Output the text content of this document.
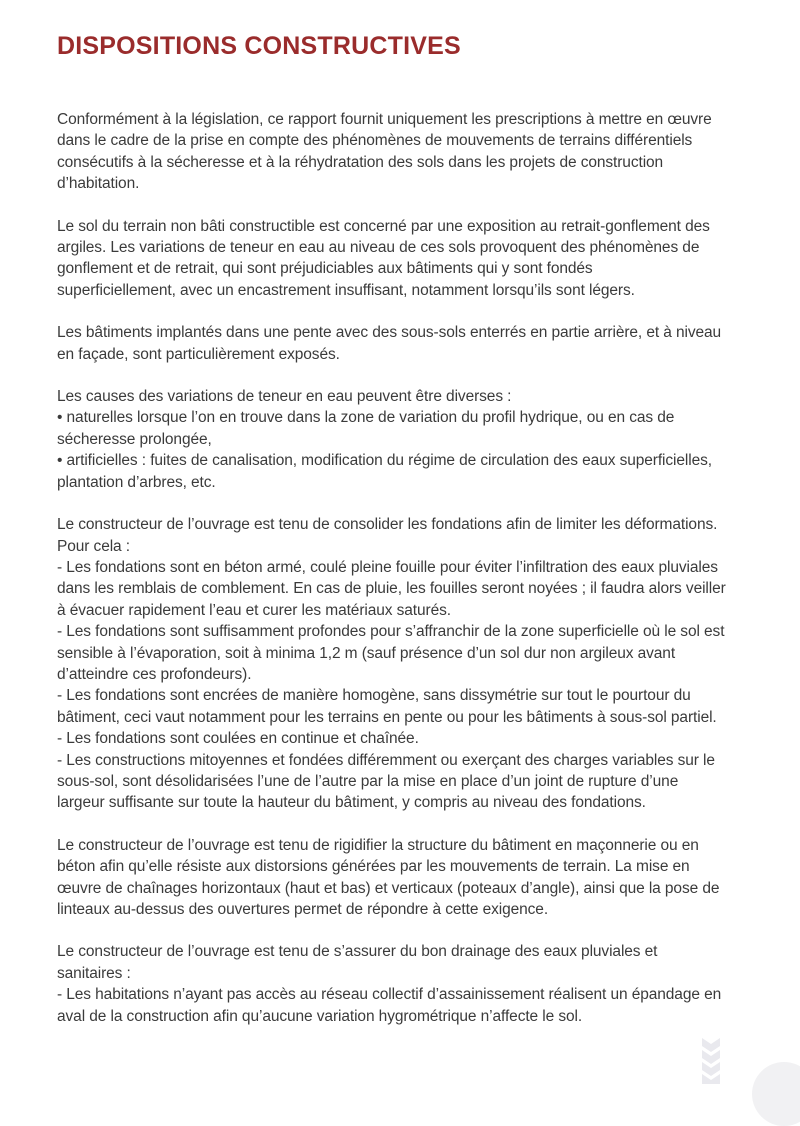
DISPOSITIONS CONSTRUCTIVES
Conformément à la législation, ce rapport fournit uniquement les prescriptions à mettre en œuvre
dans le cadre de la prise en compte des phénomènes de mouvements de terrains différentiels
consécutifs à la sécheresse et à la réhydratation des sols dans les projets de construction
d’habitation.
Le sol du terrain non bâti constructible est concerné par une exposition au retrait-gonflement des
argiles. Les variations de teneur en eau au niveau de ces sols provoquent des phénomènes de
gonflement et de retrait, qui sont préjudiciables aux bâtiments qui y sont fondés
superficiellement, avec un encastrement insuffisant, notamment lorsqu’ils sont légers.
Les bâtiments implantés dans une pente avec des sous-sols enterrés en partie arrière, et à niveau
en façade, sont particulièrement exposés.
Les causes des variations de teneur en eau peuvent être diverses :
• naturelles lorsque l’on en trouve dans la zone de variation du profil hydrique, ou en cas de
sécheresse prolongée,
• artificielles : fuites de canalisation, modification du régime de circulation des eaux superficielles,
plantation d’arbres, etc.
Le constructeur de l’ouvrage est tenu de consolider les fondations afin de limiter les déformations.
Pour cela :
- Les fondations sont en béton armé, coulé pleine fouille pour éviter l’infiltration des eaux pluviales
dans les remblais de comblement. En cas de pluie, les fouilles seront noyées ; il faudra alors veiller
à évacuer rapidement l’eau et curer les matériaux saturés.
- Les fondations sont suffisamment profondes pour s’affranchir de la zone superficielle où le sol est
sensible à l’évaporation, soit à minima 1,2 m (sauf présence d’un sol dur non argileux avant
d’atteindre ces profondeurs).
- Les fondations sont encrées de manière homogène, sans dissymétrie sur tout le pourtour du
bâtiment, ceci vaut notamment pour les terrains en pente ou pour les bâtiments à sous-sol partiel.
- Les fondations sont coulées en continue et chaînée.
- Les constructions mitoyennes et fondées différemment ou exerçant des charges variables sur le
sous-sol, sont désolidarisées l’une de l’autre par la mise en place d’un joint de rupture d’une
largeur suffisante sur toute la hauteur du bâtiment, y compris au niveau des fondations.
Le constructeur de l’ouvrage est tenu de rigidifier la structure du bâtiment en maçonnerie ou en
béton afin qu’elle résiste aux distorsions générées par les mouvements de terrain. La mise en
œuvre de chaînages horizontaux (haut et bas) et verticaux (poteaux d’angle), ainsi que la pose de
linteaux au-dessus des ouvertures permet de répondre à cette exigence.
Le constructeur de l’ouvrage est tenu de s’assurer du bon drainage des eaux pluviales et
sanitaires :
- Les habitations n’ayant pas accès au réseau collectif d’assainissement réalisent un épandage en
aval de la construction afin qu’aucune variation hygrométrique n’affecte le sol.
